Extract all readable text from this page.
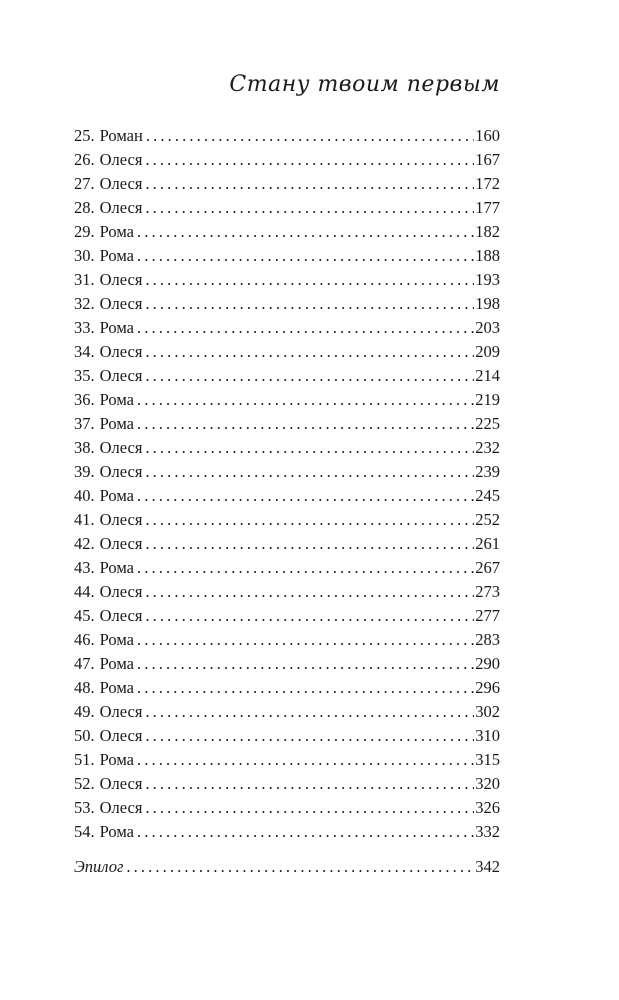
Стану твоим первым
25. Роман . . .	160
26. Олеся . . .	167
27. Олеся . . .	172
28. Олеся . . .	177
29. Рома . . .	182
30. Рома . . .	188
31. Олеся . . .	193
32. Олеся . . .	198
33. Рома . . .	203
34. Олеся . . .	209
35. Олеся . . .	214
36. Рома . . .	219
37. Рома . . .	225
38. Олеся . . .	232
39. Олеся . . .	239
40. Рома . . .	245
41. Олеся . . .	252
42. Олеся . . .	261
43. Рома . . .	267
44. Олеся . . .	273
45. Олеся . . .	277
46. Рома . . .	283
47. Рома . . .	290
48. Рома . . .	296
49. Олеся . . .	302
50. Олеся . . .	310
51. Рома . . .	315
52. Олеся . . .	320
53. Олеся . . .	326
54. Рома . . .	332
Эпилог . . .	342
